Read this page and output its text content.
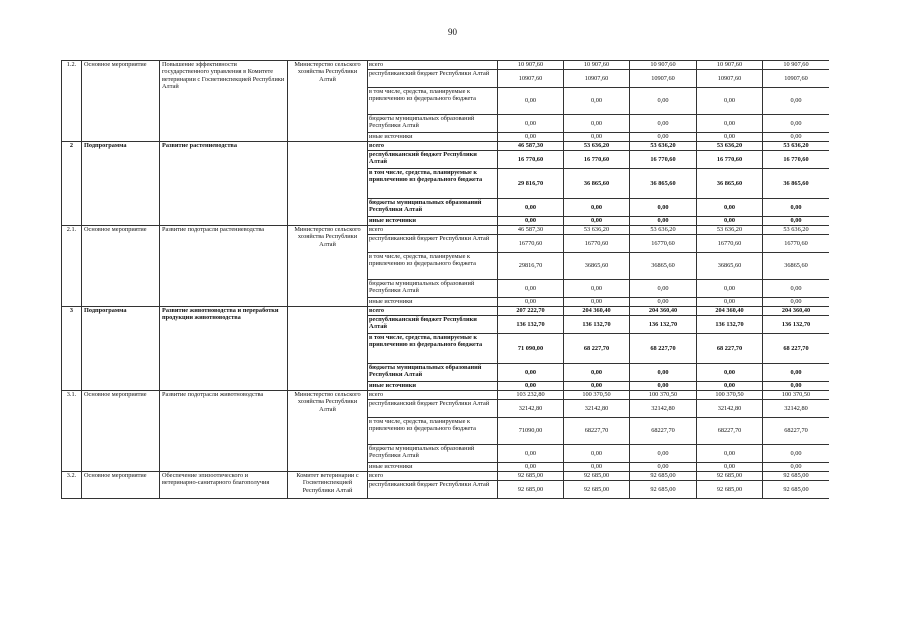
90
1.2.	Основное мероприятие	Повышение эффективности государственного управления в Комитете ветеринарии с Госветинспекцией Республики Алтай	Министерство сельского хозяйства Республики Алтай	всего	10 907,60	10 907,60	10 907,60	10 907,60	10 907,60
				республиканский бюджет Республики Алтай	10907,60	10907,60	10907,60	10907,60	10907,60
				в том числе, средства, планируемые к привлечению из федерального бюджета	0,00	0,00	0,00	0,00	0,00
				бюджеты муниципальных образований Республики Алтай	0,00	0,00	0,00	0,00	0,00
				иные источники	0,00	0,00	0,00	0,00	0,00
2	Подпрограмма	Развитие растениеводства		всего	46 587,30	53 636,20	53 636,20	53 636,20	53 636,20
				республиканский бюджет Республики Алтай	16 770,60	16 770,60	16 770,60	16 770,60	16 770,60
				в том числе, средства, планируемые к привлечению из федерального бюджета	29 816,70	36 865,60	36 865,60	36 865,60	36 865,60
				бюджеты муниципальных образований Республики Алтай	0,00	0,00	0,00	0,00	0,00
				иные источники	0,00	0,00	0,00	0,00	0,00
2.1.	Основное мероприятие	Развитие подотрасли растениеводства	Министерство сельского хозяйства Республики Алтай	всего	46 587,30	53 636,20	53 636,20	53 636,20	53 636,20
				республиканский бюджет Республики Алтай	16770,60	16770,60	16770,60	16770,60	16770,60
				в том числе, средства, планируемые к привлечению из федерального бюджета	29816,70	36865,60	36865,60	36865,60	36865,60
				бюджеты муниципальных образований Республики Алтай	0,00	0,00	0,00	0,00	0,00
				иные источники	0,00	0,00	0,00	0,00	0,00
3	Подпрограмма	Развитие животноводства и переработки продукции животноводства		всего	207 222,70	204 360,40	204 360,40	204 360,40	204 360,40
				республиканский бюджет Республики Алтай	136 132,70	136 132,70	136 132,70	136 132,70	136 132,70
				в том числе, средства, планируемые к привлечению из федерального бюджета	71 090,00	68 227,70	68 227,70	68 227,70	68 227,70
				бюджеты муниципальных образований Республики Алтай	0,00	0,00	0,00	0,00	0,00
				иные источники	0,00	0,00	0,00	0,00	0,00
3.1.	Основное мероприятие	Развитие подотрасли животноводства	Министерство сельского хозяйства Республики Алтай	всего	103 232,80	100 370,50	100 370,50	100 370,50	100 370,50
				республиканский бюджет Республики Алтай	32142,80	32142,80	32142,80	32142,80	32142,80
				в том числе, средства, планируемые к привлечению из федерального бюджета	71090,00	68227,70	68227,70	68227,70	68227,70
				бюджеты муниципальных образований Республики Алтай	0,00	0,00	0,00	0,00	0,00
				иные источники	0,00	0,00	0,00	0,00	0,00
3.2.	Основное мероприятие	Обеспечение эпизоотического и ветеринарно-санитарного благополучия	Комитет ветеринарии с Госветинспекцией Республики Алтай	всего	92 685,00	92 685,00	92 685,00	92 685,00	92 685,00
				республиканский бюджет Республики Алтай	92 685,00	92 685,00	92 685,00	92 685,00	92 685,00
